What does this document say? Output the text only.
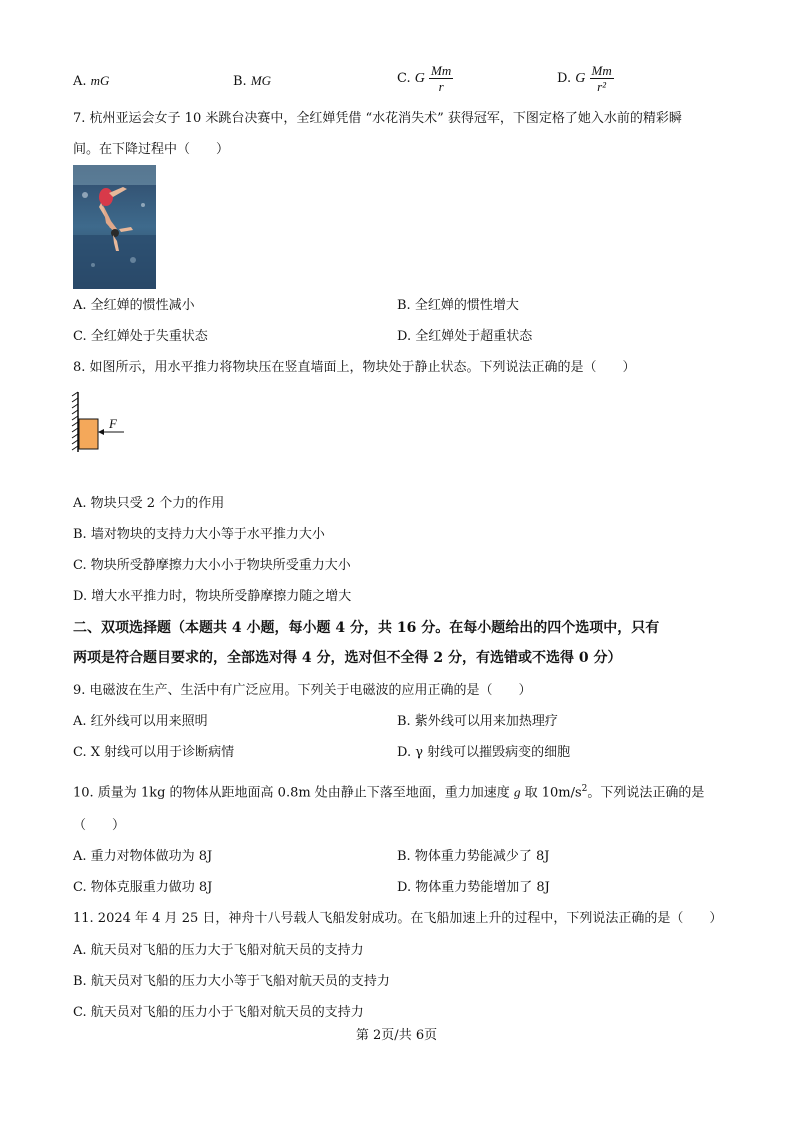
A. mG	B. MG	C. G $\frac{Mm}{r}$	D. G $\frac{Mm}{\text{r²}}$
7. 杭州亚运会女子 10 米跳台决赛中，全红婵凭借 “水花消失术” 获得冠军，下图定格了她入水前的精彩瞬
间。在下降过程中（　　）
A. 全红婵的惯性减小	B. 全红婵的惯性增大
C. 全红婵处于失重状态	D. 全红婵处于超重状态
8. 如图所示，用水平推力将物块压在竖直墙面上，物块处于静止状态。下列说法正确的是（　　）
F
A. 物块只受 2 个力的作用
B. 墙对物块的支持力大小等于水平推力大小
C. 物块所受静摩擦力大小小于物块所受重力大小
D. 增大水平推力时，物块所受静摩擦力随之增大
二、双项选择题（本题共 4 小题，每小题 4 分，共 16 分。在每小题给出的四个选项中，只有
两项是符合题目要求的，全部选对得 4 分，选对但不全得 2 分，有选错或不选得 0 分）
9. 电磁波在生产、生活中有广泛应用。下列关于电磁波的应用正确的是（　　）
A. 红外线可以用来照明	B. 紫外线可以用来加热理疗
C. X 射线可以用于诊断病情	D. γ 射线可以摧毁病变的细胞
10. 质量为 1kg 的物体从距地面高 0.8m 处由静止下落至地面，重力加速度 g 取 $10m/s^2$。下列说法正确的是
（　　）
A. 重力对物体做功为 8J	B. 物体重力势能减少了 8J
C. 物体克服重力做功 8J	D. 物体重力势能增加了 8J
11. 2024 年 4 月 25 日，神舟十八号载人飞船发射成功。在飞船加速上升的过程中，下列说法正确的是（　　）
A. 航天员对飞船的压力大于飞船对航天员的支持力
B. 航天员对飞船的压力大小等于飞船对航天员的支持力
C. 航天员对飞船的压力小于飞船对航天员的支持力
第 2页/共 6页
